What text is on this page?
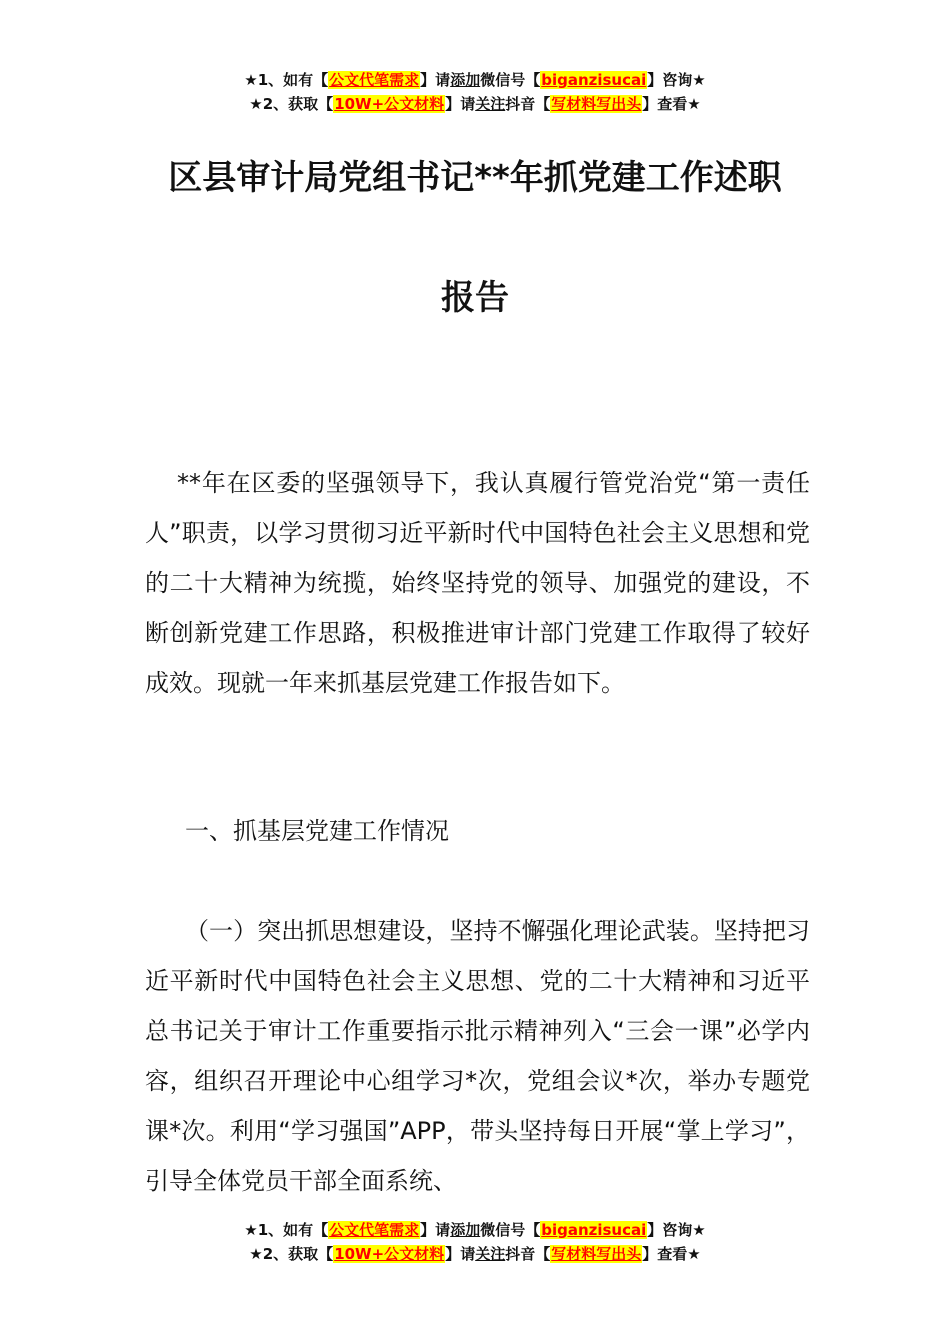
★1、如有【公文代笔需求】请添加微信号【biganzisucai】咨询★
★2、获取【10W+公文材料】请关注抖音【写材料写出头】查看★
区县审计局党组书记**年抓党建工作述职
报告
**年在区委的坚强领导下，我认真履行管党治党“第一责任人”职责，以学习贯彻习近平新时代中国特色社会主义思想和党的二十大精神为统揽，始终坚持党的领导、加强党的建设，不断创新党建工作思路，积极推进审计部门党建工作取得了较好成效。现就一年来抓基层党建工作报告如下。
一、抓基层党建工作情况
（一）突出抓思想建设，坚持不懈强化理论武装。坚持把习近平新时代中国特色社会主义思想、党的二十大精神和习近平总书记关于审计工作重要指示批示精神列入“三会一课”必学内容，组织召开理论中心组学习*次，党组会议*次，举办专题党课*次。利用“学习强国”APP，带头坚持每日开展“掌上学习”，引导全体党员干部全面系统、
★1、如有【公文代笔需求】请添加微信号【biganzisucai】咨询★
★2、获取【10W+公文材料】请关注抖音【写材料写出头】查看★
